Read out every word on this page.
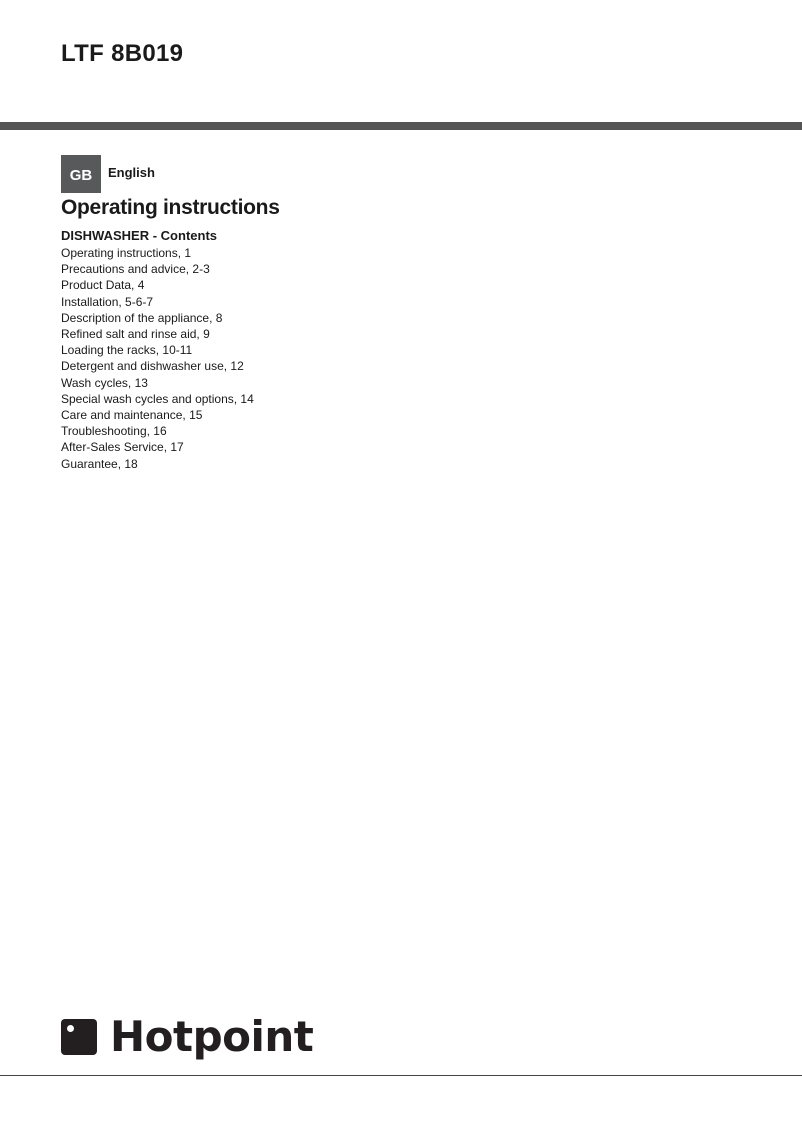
LTF 8B019
GB	English
Operating instructions
DISHWASHER - Contents
Operating instructions, 1
Precautions and advice, 2-3
Product Data, 4
Installation, 5-6-7
Description of the appliance, 8
Refined salt and rinse aid, 9
Loading the racks, 10-11
Detergent and dishwasher use, 12
Wash cycles, 13
Special wash cycles and options, 14
Care and maintenance, 15
Troubleshooting, 16
After-Sales Service, 17
Guarantee, 18
Hotpoint
